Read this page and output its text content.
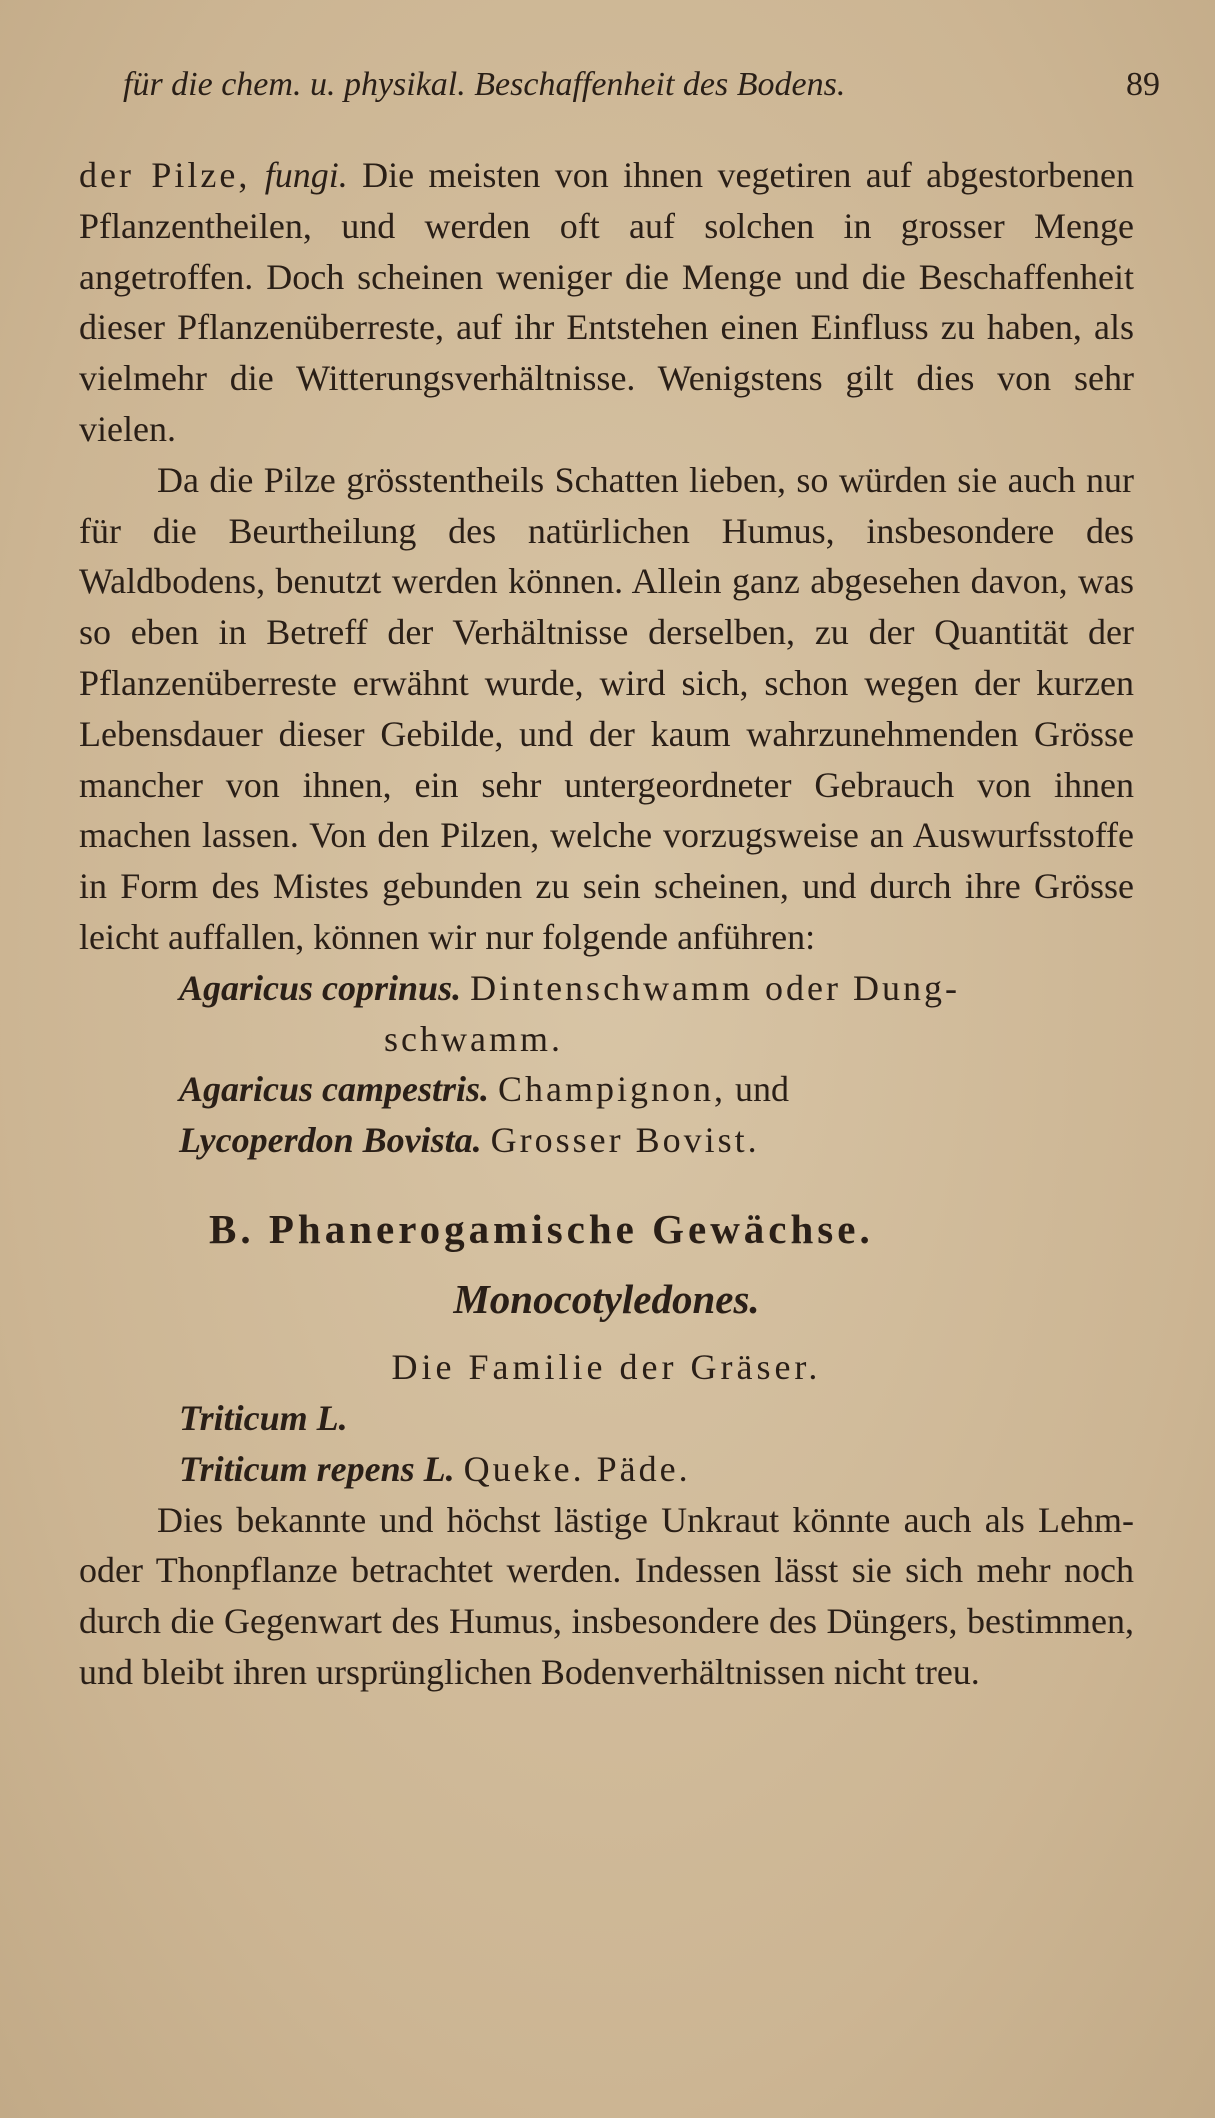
für die chem. u. physikal. Beschaffenheit des Bodens.	89

der Pilze, fungi. Die meisten von ihnen vegetiren auf abgestorbenen Pflanzentheilen, und werden oft auf solchen in grosser Menge angetroffen. Doch scheinen weniger die Menge und die Beschaffenheit dieser Pflanzenüberreste, auf ihr Entstehen einen Einfluss zu haben, als vielmehr die Witterungsverhältnisse. Wenigstens gilt dies von sehr vielen.

Da die Pilze grösstentheils Schatten lieben, so würden sie auch nur für die Beurtheilung des natürlichen Humus, insbesondere des Waldbodens, benutzt werden können. Allein ganz abgesehen davon, was so eben in Betreff der Verhältnisse derselben, zu der Quantität der Pflanzenüberreste erwähnt wurde, wird sich, schon wegen der kurzen Lebensdauer dieser Gebilde, und der kaum wahrzunehmenden Grösse mancher von ihnen, ein sehr untergeordneter Gebrauch von ihnen machen lassen. Von den Pilzen, welche vorzugsweise an Auswurfsstoffe in Form des Mistes gebunden zu sein scheinen, und durch ihre Grösse leicht auffallen, können wir nur folgende anführen:

Agaricus coprinus. Dintenschwamm oder Dung-
schwamm.
Agaricus campestris. Champignon, und
Lycoperdon Bovista. Grosser Bovist.
B. Phanerogamische Gewächse.
Monocotyledones.
Die Familie der Gräser.
Triticum L.
Triticum repens L. Queke. Päde.

Dies bekannte und höchst lästige Unkraut könnte auch als Lehm- oder Thonpflanze betrachtet werden. Indessen lässt sie sich mehr noch durch die Gegenwart des Humus, insbesondere des Düngers, bestimmen, und bleibt ihren ursprünglichen Bodenverhältnissen nicht treu.
